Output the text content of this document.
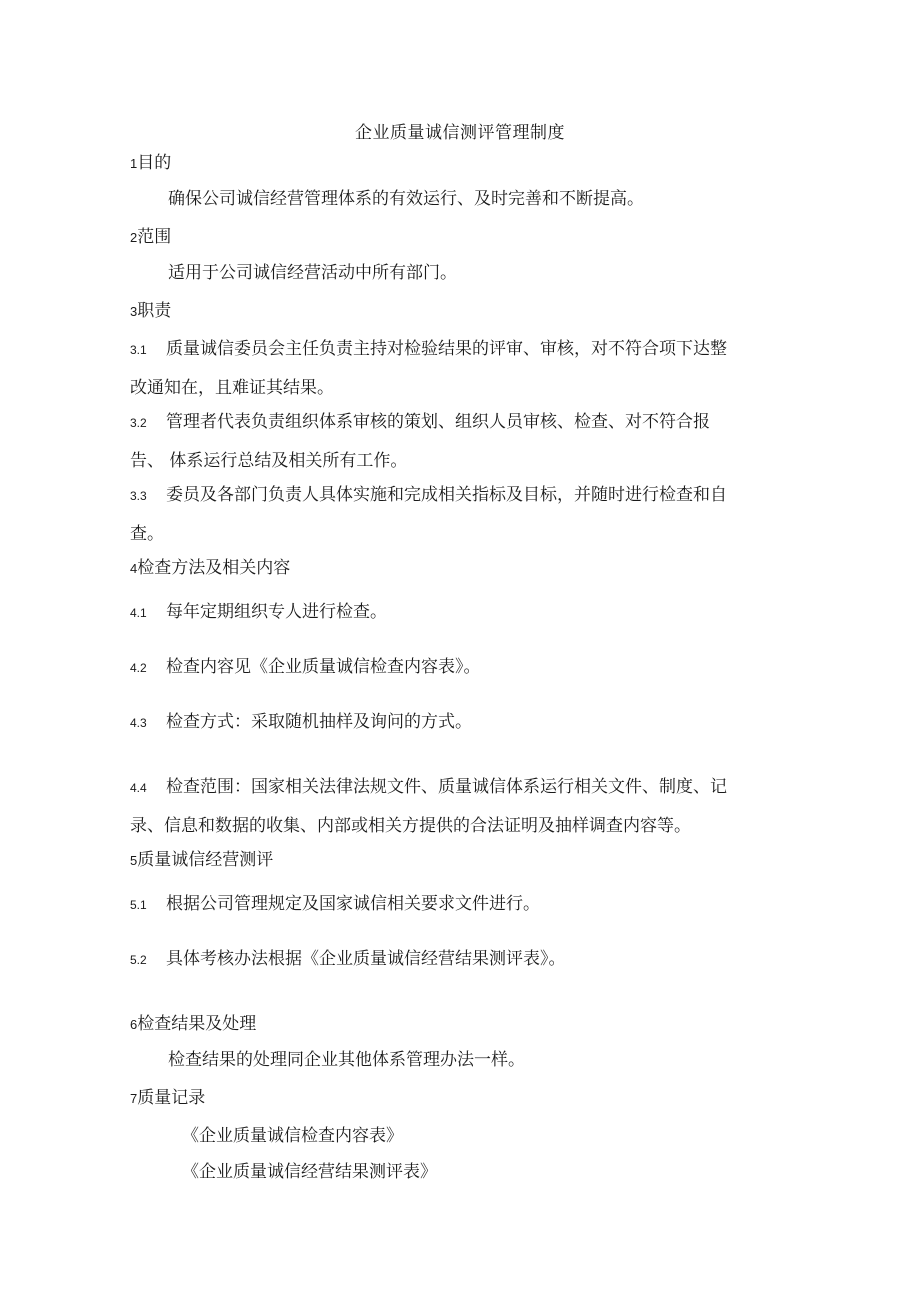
企业质量诚信测评管理制度
1目的
确保公司诚信经营管理体系的有效运行、及时完善和不断提高。
2范围
适用于公司诚信经营活动中所有部门。
3职责
3.1 质量诚信委员会主任负责主持对检验结果的评审、审核，对不符合项下达整
改通知在，且难证其结果。
3.2 管理者代表负责组织体系审核的策划、组织人员审核、检查、对不符合报
告、 体系运行总结及相关所有工作。
3.3 委员及各部门负责人具体实施和完成相关指标及目标，并随时进行检查和自
查。
4检查方法及相关内容
4.1 每年定期组织专人进行检查。
4.2 检查内容见《企业质量诚信检查内容表》。
4.3 检查方式：采取随机抽样及询问的方式。
4.4 检查范围：国家相关法律法规文件、质量诚信体系运行相关文件、制度、记
录、信息和数据的收集、内部或相关方提供的合法证明及抽样调查内容等。
5质量诚信经营测评
5.1 根据公司管理规定及国家诚信相关要求文件进行。
5.2 具体考核办法根据《企业质量诚信经营结果测评表》。
6检查结果及处理
检查结果的处理同企业其他体系管理办法一样。
7质量记录
《企业质量诚信检查内容表》
《企业质量诚信经营结果测评表》
